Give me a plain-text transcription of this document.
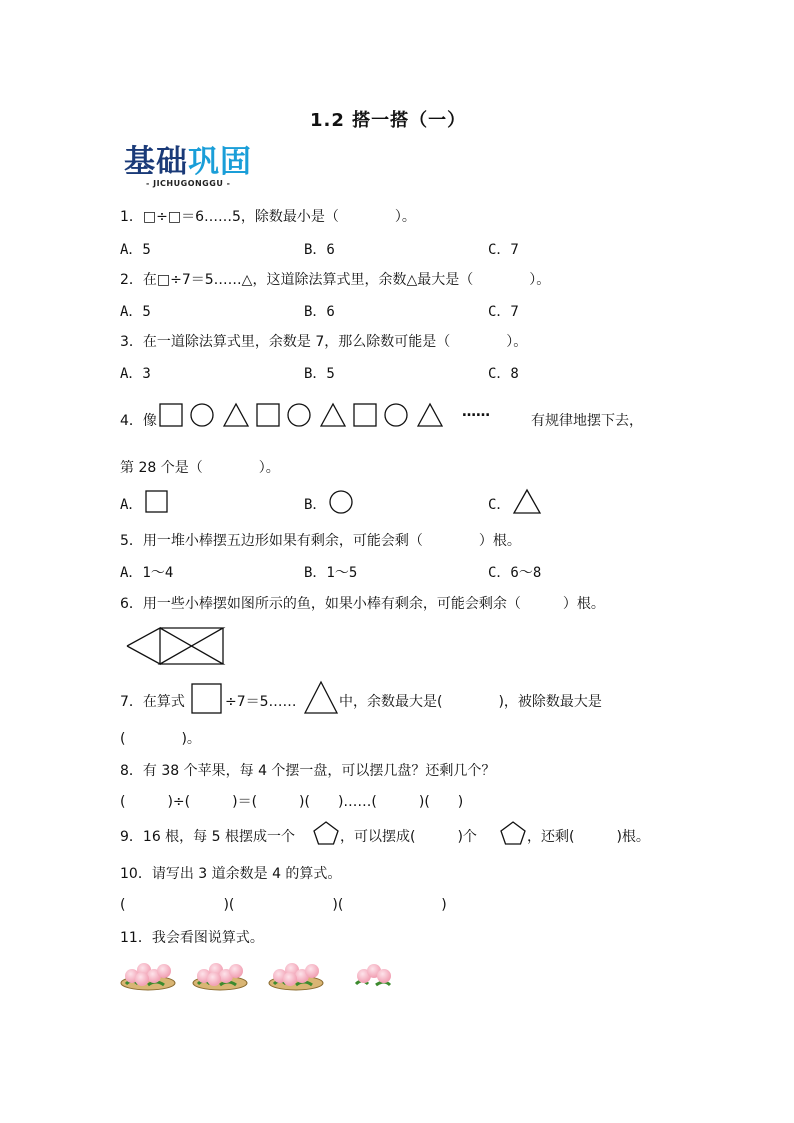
1.2 搭一搭（一）
基础巩固
- JICHUGONGGU -
1．□÷□＝6……5，除数最小是（　　　　）。
A．5	B．6	C．7
2．在□÷7＝5……△，这道除法算式里，余数△最大是（　　　　）。
A．5	B．6	C．7
3．在一道除法算式里，余数是 7，那么除数可能是（　　　　）。
A．3	B．5	C．8
4．像
……
有规律地摆下去，
第 28 个是（　　　　）。
A．	B．	C．
5．用一堆小棒摆五边形如果有剩余，可能会剩（　　　　）根。
A．1～4	B．1～5	C．6～8
6．用一些小棒摆如图所示的鱼，如果小棒有剩余，可能会剩余（　　　）根。
7．在算式	÷7＝5……	中，余数最大是(　　　　)，被除数最大是
(　　　　)。
8．有 38 个苹果，每 4 个摆一盘，可以摆几盘？还剩几个？
(　　　)÷(　　　)＝(　　　)(　　)……(　　　)(　　)
9．16 根，每 5 根摆成一个	，可以摆成(　　　)个	，还剩(　　　)根。
10．请写出 3 道余数是 4 的算式。
(　　　　　　　)(　　　　　　　)(　　　　　　　)
11．我会看图说算式。
